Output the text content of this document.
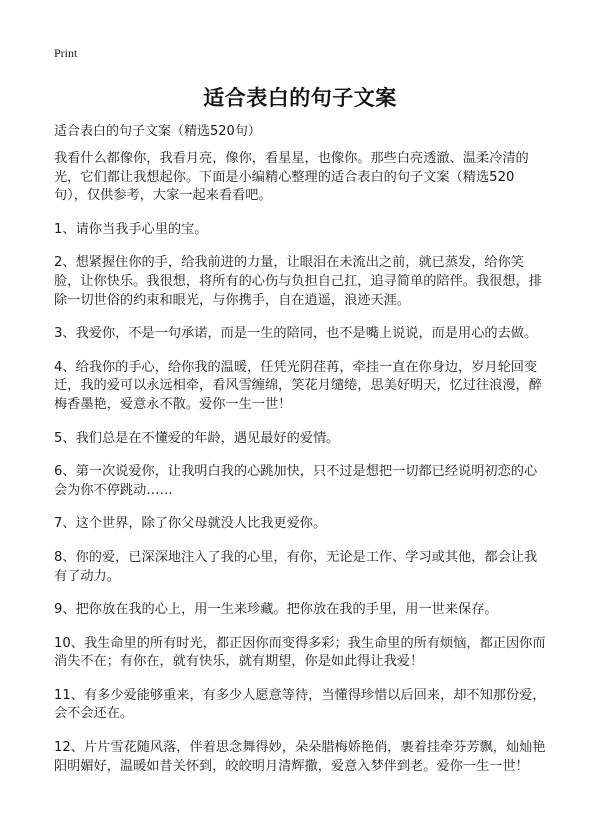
Print
适合表白的句子文案
适合表白的句子文案（精选520句）

我看什么都像你，我看月亮，像你，看星星，也像你。那些白亮透澈、温柔冷清的光，它们都让我想起你。下面是小编精心整理的适合表白的句子文案（精选520句），仅供参考，大家一起来看看吧。

1、请你当我手心里的宝。

2、想紧握住你的手，给我前进的力量，让眼泪在未流出之前，就已蒸发，给你笑脸，让你快乐。我很想，将所有的心伤与负担自己扛，追寻简单的陪伴。我很想，排除一切世俗的约束和眼光，与你携手，自在逍遥，浪迹天涯。

3、我爱你，不是一句承诺，而是一生的陪同，也不是嘴上说说，而是用心的去做。

4、给我你的手心，给你我的温暖，任凭光阴荏苒，牵挂一直在你身边，岁月轮回变迁，我的爱可以永远相牵，看风雪缠绵，笑花月缱绻，思美好明天，忆过往浪漫，醉梅香墨艳，爱意永不散。爱你一生一世！

5、我们总是在不懂爱的年龄，遇见最好的爱情。

6、第一次说爱你，让我明白我的心跳加快，只不过是想把一切都已经说明初恋的心会为你不停跳动……

7、这个世界，除了你父母就没人比我更爱你。

8、你的爱，已深深地注入了我的心里，有你，无论是工作、学习或其他，都会让我有了动力。

9、把你放在我的心上，用一生来珍藏。把你放在我的手里，用一世来保存。

10、我生命里的所有时光，都正因你而变得多彩；我生命里的所有烦恼，都正因你而消失不在；有你在，就有快乐，就有期望，你是如此得让我爱！

11、有多少爱能够重来，有多少人愿意等待，当懂得珍惜以后回来，却不知那份爱，会不会还在。

12、片片雪花随风落，伴着思念舞得妙，朵朵腊梅娇艳俏，裹着挂牵芬芳飘，灿灿艳阳明媚好，温暖如昔关怀到，皎皎明月清辉撒，爱意入梦伴到老。爱你一生一世！
